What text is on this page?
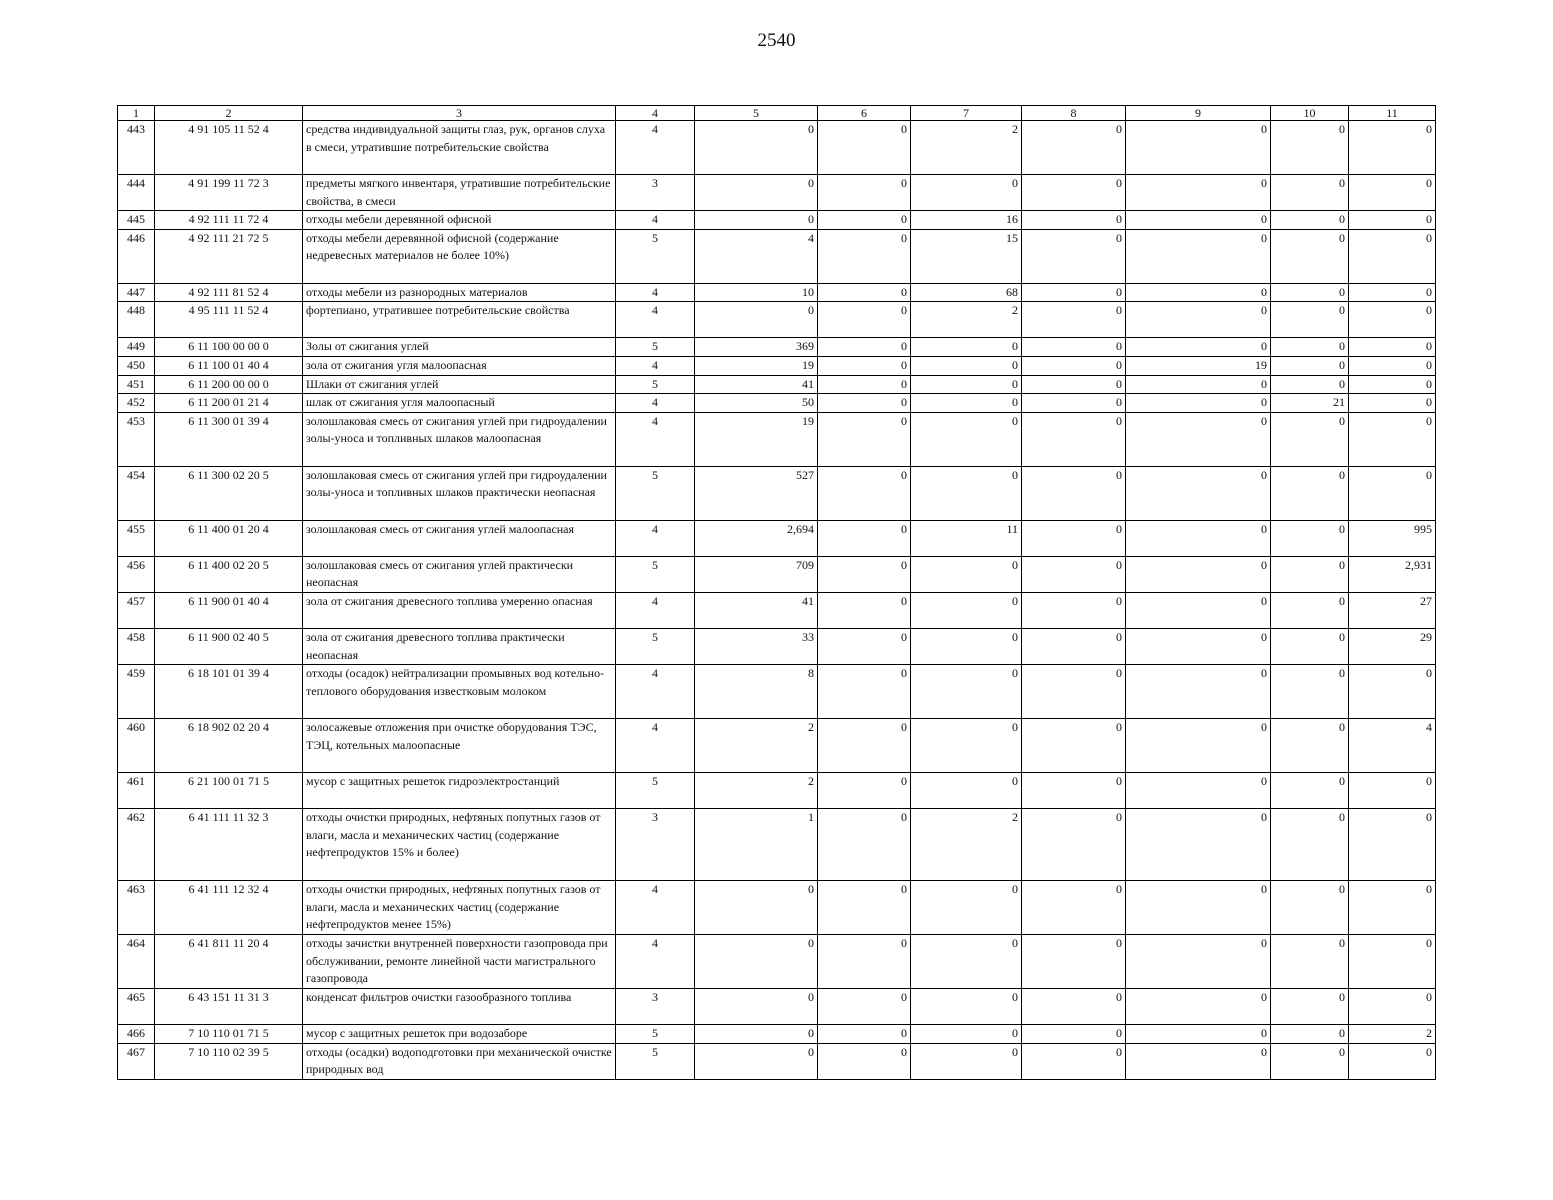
2540
1	2	3	4	5	6	7	8	9	10	11
443	4 91 105 11 52 4	средства индивидуальной защиты глаз, рук, органов слуха в смеси, утратившие потребительские свойства	4	0	0	2	0	0	0	0
444	4 91 199 11 72 3	предметы мягкого инвентаря, утратившие потребительские свойства, в смеси	3	0	0	0	0	0	0	0
445	4 92 111 11 72 4	отходы мебели деревянной офисной	4	0	0	16	0	0	0	0
446	4 92 111 21 72 5	отходы мебели деревянной офисной (содержание недревесных материалов не более 10%)	5	4	0	15	0	0	0	0
447	4 92 111 81 52 4	отходы мебели из разнородных материалов	4	10	0	68	0	0	0	0
448	4 95 111 11 52 4	фортепиано, утратившее потребительские свойства	4	0	0	2	0	0	0	0
449	6 11 100 00 00 0	Золы от сжигания углей	5	369	0	0	0	0	0	0
450	6 11 100 01 40 4	зола от сжигания угля малоопасная	4	19	0	0	0	19	0	0
451	6 11 200 00 00 0	Шлаки от сжигания углей	5	41	0	0	0	0	0	0
452	6 11 200 01 21 4	шлак от сжигания угля малоопасный	4	50	0	0	0	0	21	0
453	6 11 300 01 39 4	золошлаковая смесь от сжигания углей при гидроудалении золы-уноса и топливных шлаков малоопасная	4	19	0	0	0	0	0	0
454	6 11 300 02 20 5	золошлаковая смесь от сжигания углей при гидроудалении золы-уноса и топливных шлаков практически неопасная	5	527	0	0	0	0	0	0
455	6 11 400 01 20 4	золошлаковая смесь от сжигания углей малоопасная	4	2,694	0	11	0	0	0	995
456	6 11 400 02 20 5	золошлаковая смесь от сжигания углей практически неопасная	5	709	0	0	0	0	0	2,931
457	6 11 900 01 40 4	зола от сжигания древесного топлива умеренно опасная	4	41	0	0	0	0	0	27
458	6 11 900 02 40 5	зола от сжигания древесного топлива практически неопасная	5	33	0	0	0	0	0	29
459	6 18 101 01 39 4	отходы (осадок) нейтрализации промывных вод котельно-теплового оборудования известковым молоком	4	8	0	0	0	0	0	0
460	6 18 902 02 20 4	золосажевые отложения при очистке оборудования ТЭС, ТЭЦ, котельных малоопасные	4	2	0	0	0	0	0	4
461	6 21 100 01 71 5	мусор с защитных решеток гидроэлектростанций	5	2	0	0	0	0	0	0
462	6 41 111 11 32 3	отходы очистки природных, нефтяных попутных газов от влаги, масла и механических частиц (содержание нефтепродуктов 15% и более)	3	1	0	2	0	0	0	0
463	6 41 111 12 32 4	отходы очистки природных, нефтяных попутных газов от влаги, масла и механических частиц (содержание нефтепродуктов менее 15%)	4	0	0	0	0	0	0	0
464	6 41 811 11 20 4	отходы зачистки внутренней поверхности газопровода при обслуживании, ремонте линейной части магистрального газопровода	4	0	0	0	0	0	0	0
465	6 43 151 11 31 3	конденсат фильтров очистки газообразного топлива	3	0	0	0	0	0	0	0
466	7 10 110 01 71 5	мусор с защитных решеток при водозаборе	5	0	0	0	0	0	0	2
467	7 10 110 02 39 5	отходы (осадки) водоподготовки при механической очистке природных вод	5	0	0	0	0	0	0	0
